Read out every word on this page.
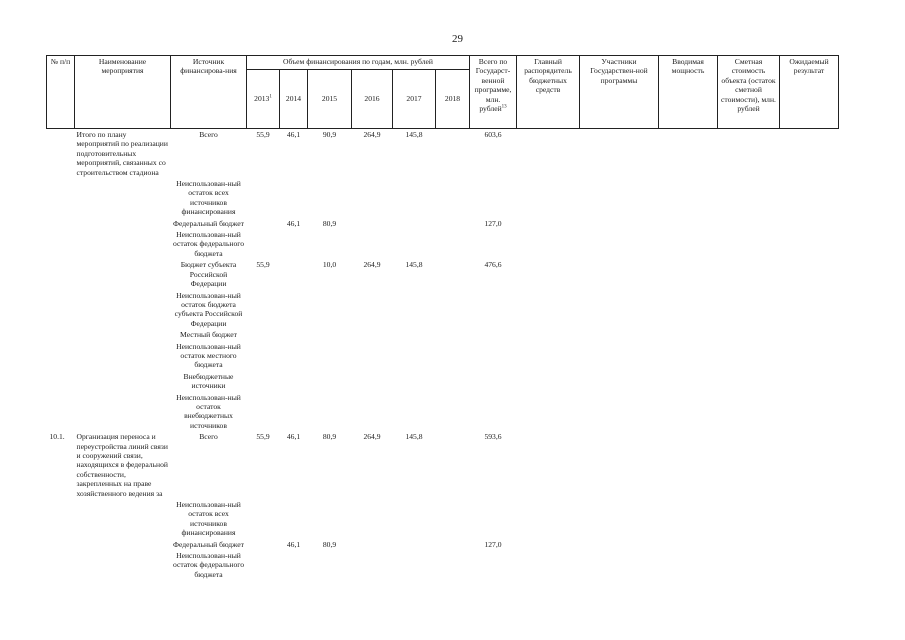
29
№ п/п	Наименование мероприятия	Источник финансирова-ния	Объем финансирования по годам, млн. рублей						Всего по Государст-венной программе, млн. рублей$^{13}$	Главный распорядитель бюджетных средств	Участники Государствен-ной программы	Вводимая мощность	Сметная стоимость объекта (остаток сметной стоимости), млн. рублей	Ожидаемый результат
			2013$^1$	2014	2015	2016	2017	2018						
	Итого по плану мероприятий по реализации подготовительных мероприятий, связанных со строительством стадиона	Всего	55,9	46,1	90,9	264,9	145,8		603,6					
		Неиспользован-ный остаток всех источников финансирования												
		Федеральный бюджет		46,1	80,9				127,0					
		Неиспользован-ный остаток федерального бюджета												
		Бюджет субъекта Российской Федерации	55,9		10,0	264,9	145,8		476,6					
		Неиспользован-ный остаток бюджета субъекта Российской Федерации												
		Местный бюджет												
		Неиспользован-ный остаток местного бюджета												
		Внебюджетные источники												
		Неиспользован-ный остаток внебюджетных источников												
10.1.	Организация переноса и переустройства линий связи и сооружений связи, находящихся в федеральной собственности, закрепленных на праве хозяйственного ведения за	Всего	55,9	46,1	80,9	264,9	145,8		593,6					
		Неиспользован-ный остаток всех источников финансирования												
		Федеральный бюджет		46,1	80,9				127,0					
		Неиспользован-ный остаток федерального бюджета												
